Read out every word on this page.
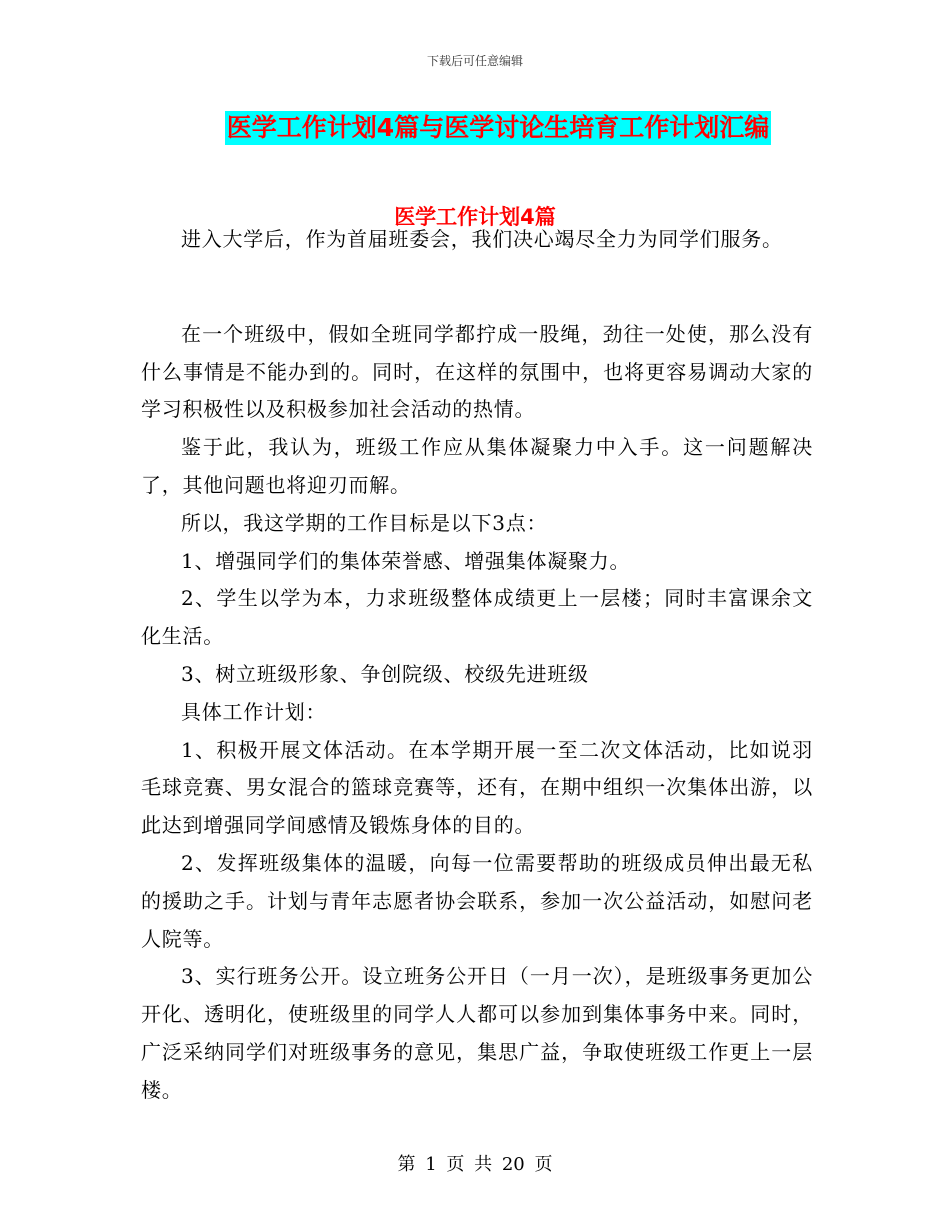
下载后可任意编辑
医学工作计划4篇与医学讨论生培育工作计划汇编
医学工作计划4篇

进入大学后，作为首届班委会，我们决心竭尽全力为同学们服务。

在一个班级中，假如全班同学都拧成一股绳，劲往一处使，那么没有什么事情是不能办到的。同时，在这样的氛围中，也将更容易调动大家的学习积极性以及积极参加社会活动的热情。

鉴于此，我认为，班级工作应从集体凝聚力中入手。这一问题解决了，其他问题也将迎刃而解。

所以，我这学期的工作目标是以下3点：

1、增强同学们的集体荣誉感、增强集体凝聚力。

2、学生以学为本，力求班级整体成绩更上一层楼；同时丰富课余文化生活。

3、树立班级形象、争创院级、校级先进班级

具体工作计划：

1、积极开展文体活动。在本学期开展一至二次文体活动，比如说羽毛球竞赛、男女混合的篮球竞赛等，还有，在期中组织一次集体出游，以此达到增强同学间感情及锻炼身体的目的。

2、发挥班级集体的温暖，向每一位需要帮助的班级成员伸出最无私的援助之手。计划与青年志愿者协会联系，参加一次公益活动，如慰问老人院等。

3、实行班务公开。设立班务公开日（一月一次），是班级事务更加公开化、透明化，使班级里的同学人人都可以参加到集体事务中来。同时，广泛采纳同学们对班级事务的意见，集思广益，争取使班级工作更上一层楼。

第 1 页 共 20 页
